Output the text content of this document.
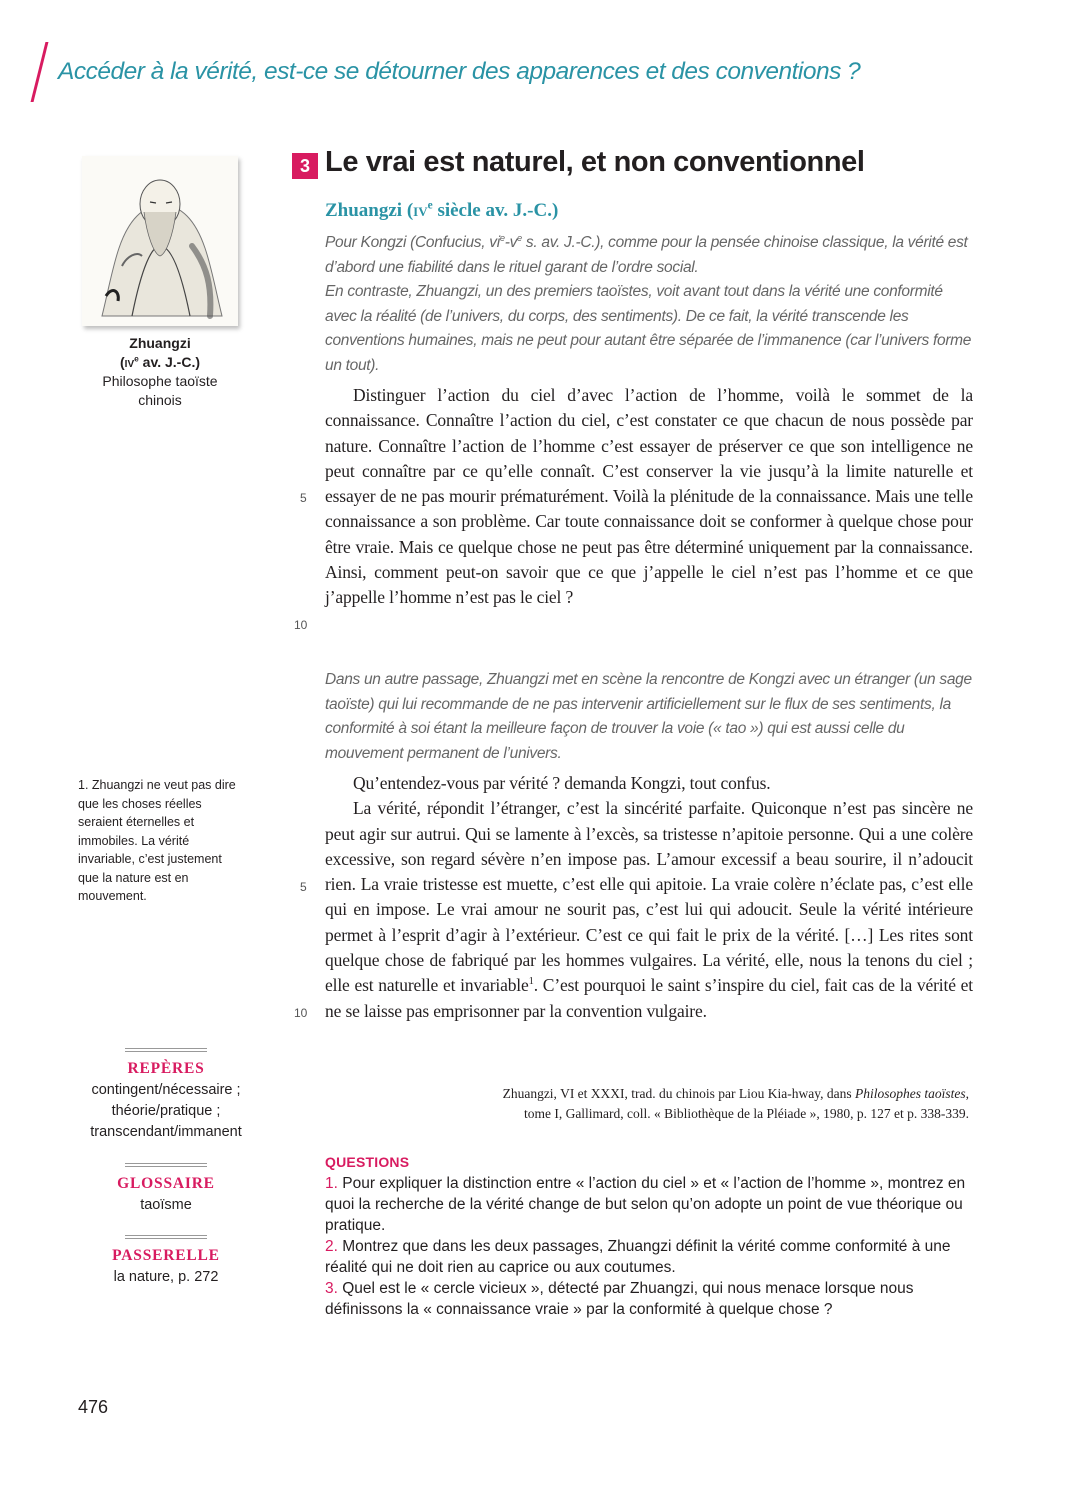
Accéder à la vérité, est-ce se détourner des apparences et des conventions ?
Zhuangzi
($iv^e$ av. J.-C.)
Philosophe taoïste
chinois
3 Le vrai est naturel, et non conventionnel
Zhuangzi ($iv^e$ siècle av. J.-C.)
Pour Kongzi (Confucius, $vi^e-v^e$ s. av. J.-C.), comme pour la pensée chinoise classique, la vérité est d’abord une fiabilité dans le rituel garant de l’ordre social.
En contraste, Zhuangzi, un des premiers taoïstes, voit avant tout dans la vérité une conformité avec la réalité (de l’univers, du corps, des sentiments). De ce fait, la vérité transcende les conventions humaines, mais ne peut pour autant être séparée de l’immanence (car l’univers forme un tout).

Distinguer l’action du ciel d’avec l’action de l’homme, voilà le sommet de la connaissance. Connaître l’action du ciel, c’est constater ce que chacun de nous possède par nature. Connaître l’action de l’homme c’est essayer de préserver ce que son intelligence ne peut connaître par ce qu’elle connaît. C’est conserver la vie jusqu’à la limite naturelle et essayer de ne pas mourir prématurément. Voilà la plénitude de la connaissance. Mais une telle connaissance a son problème. Car toute connaissance doit se conformer à quelque chose pour être vraie. Mais ce quelque chose ne peut pas être déterminé uniquement par la connaissance. Ainsi, comment peut-on savoir que ce que j’appelle le ciel n’est pas l’homme et ce que j’appelle l’homme n’est pas le ciel ?

5
10
Dans un autre passage, Zhuangzi met en scène la rencontre de Kongzi avec un étranger (un sage taoïste) qui lui recommande de ne pas intervenir artificiellement sur le flux de ses sentiments, la conformité à soi étant la meilleure façon de trouver la voie (« tao ») qui est aussi celle du mouvement permanent de l’univers.

Qu’entendez-vous par vérité ? demanda Kongzi, tout confus.

La vérité, répondit l’étranger, c’est la sincérité parfaite. Quiconque n’est pas sincère ne peut agir sur autrui. Qui se lamente à l’excès, sa tristesse n’apitoie personne. Qui a une colère excessive, son regard sévère n’en impose pas. L’amour excessif a beau sourire, il n’adoucit rien. La vraie tristesse est muette, c’est elle qui apitoie. La vraie colère n’éclate pas, c’est elle qui en impose. Le vrai amour ne sourit pas, c’est lui qui adoucit. Seule la vérité intérieure permet à l’esprit d’agir à l’extérieur. C’est ce qui fait le prix de la vérité. […] Les rites sont quelque chose de fabriqué par les hommes vulgaires. La vérité, elle, nous la tenons du ciel ; elle est naturelle et invariable$^1$. C’est pourquoi le saint s’inspire du ciel, fait cas de la vérité et ne se laisse pas emprisonner par la convention vulgaire.

5
10
Zhuangzi, VI et XXXI, trad. du chinois par Liou Kia-hway, dans Philosophes taoïstes,
tome I, Gallimard, coll. « Bibliothèque de la Pléiade », 1980, p. 127 et p. 338-339.
1. Zhuangzi ne veut pas dire que les choses réelles seraient éternelles et immobiles. La vérité invariable, c’est justement que la nature est en mouvement.
REPÈRES
contingent/nécessaire ;
théorie/pratique ;
transcendant/immanent
GLOSSAIRE
taoïsme
PASSERELLE
la nature, p. 272
QUESTIONS
1. Pour expliquer la distinction entre « l’action du ciel » et « l’action de l’homme », montrez en quoi la recherche de la vérité change de but selon qu’on adopte un point de vue théorique ou pratique.
2. Montrez que dans les deux passages, Zhuangzi définit la vérité comme conformité à une réalité qui ne doit rien au caprice ou aux coutumes.
3. Quel est le « cercle vicieux », détecté par Zhuangzi, qui nous menace lorsque nous définissons la « connaissance vraie » par la conformité à quelque chose ?
476
